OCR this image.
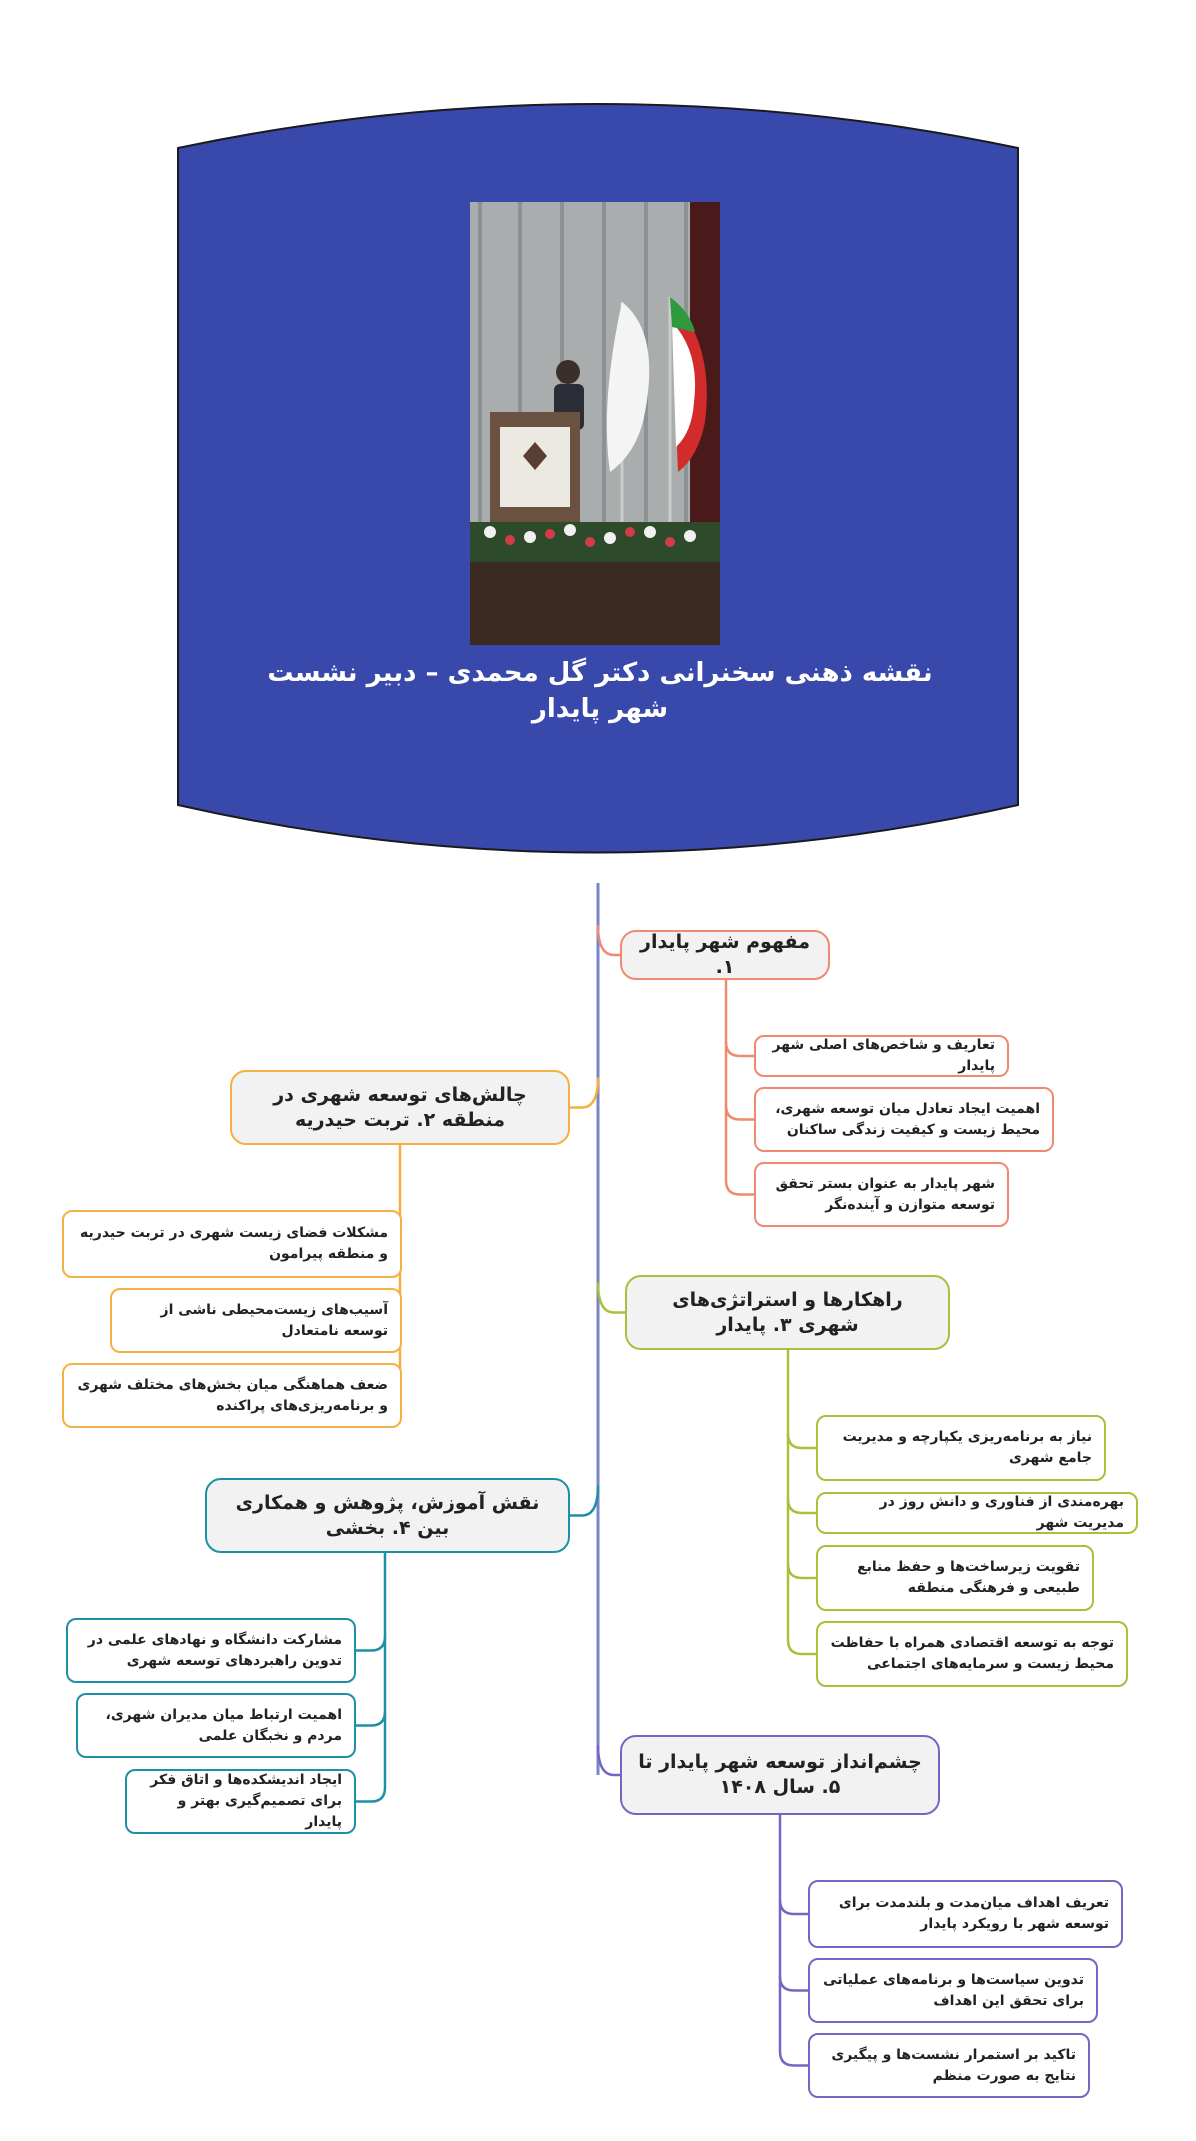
نقشه ذهنی سخنرانی دکتر گل محمدی – دبیر نشست شهر پایدار
مفهوم شهر پایدار ۱.
تعاریف و شاخص‌های اصلی شهر پایدار
اهمیت ایجاد تعادل میان توسعه شهری، محیط زیست و کیفیت زندگی ساکنان
شهر پایدار به عنوان بستر تحقق توسعه متوازن و آینده‌نگر
چالش‌های توسعه شهری در منطقه ۲. تربت حیدریه
مشکلات فضای زیست شهری در تربت حیدریه و منطقه پیرامون
آسیب‌های زیست‌محیطی ناشی از توسعه نامتعادل
ضعف هماهنگی میان بخش‌های مختلف شهری و برنامه‌ریزی‌های پراکنده
راهکارها و استراتژی‌های شهری ۳. پایدار
نیاز به برنامه‌ریزی یکپارچه و مدیریت جامع شهری
بهره‌مندی از فناوری و دانش روز در مدیریت شهر
تقویت زیرساخت‌ها و حفظ منابع طبیعی و فرهنگی منطقه
توجه به توسعه اقتصادی همراه با حفاظت محیط زیست و سرمایه‌های اجتماعی
نقش آموزش، پژوهش و همکاری بین ۴. بخشی
مشارکت دانشگاه و نهادهای علمی در تدوین راهبردهای توسعه شهری
اهمیت ارتباط میان مدیران شهری، مردم و نخبگان علمی
ایجاد اندیشکده‌ها و اتاق فکر برای تصمیم‌گیری بهتر و پایدار
چشم‌انداز توسعه شهر پایدار تا ۵. سال ۱۴۰۸
تعریف اهداف میان‌مدت و بلندمدت برای توسعه شهر با رویکرد پایدار
تدوین سیاست‌ها و برنامه‌های عملیاتی برای تحقق این اهداف
تاکید بر استمرار نشست‌ها و پیگیری نتایج به صورت منظم
